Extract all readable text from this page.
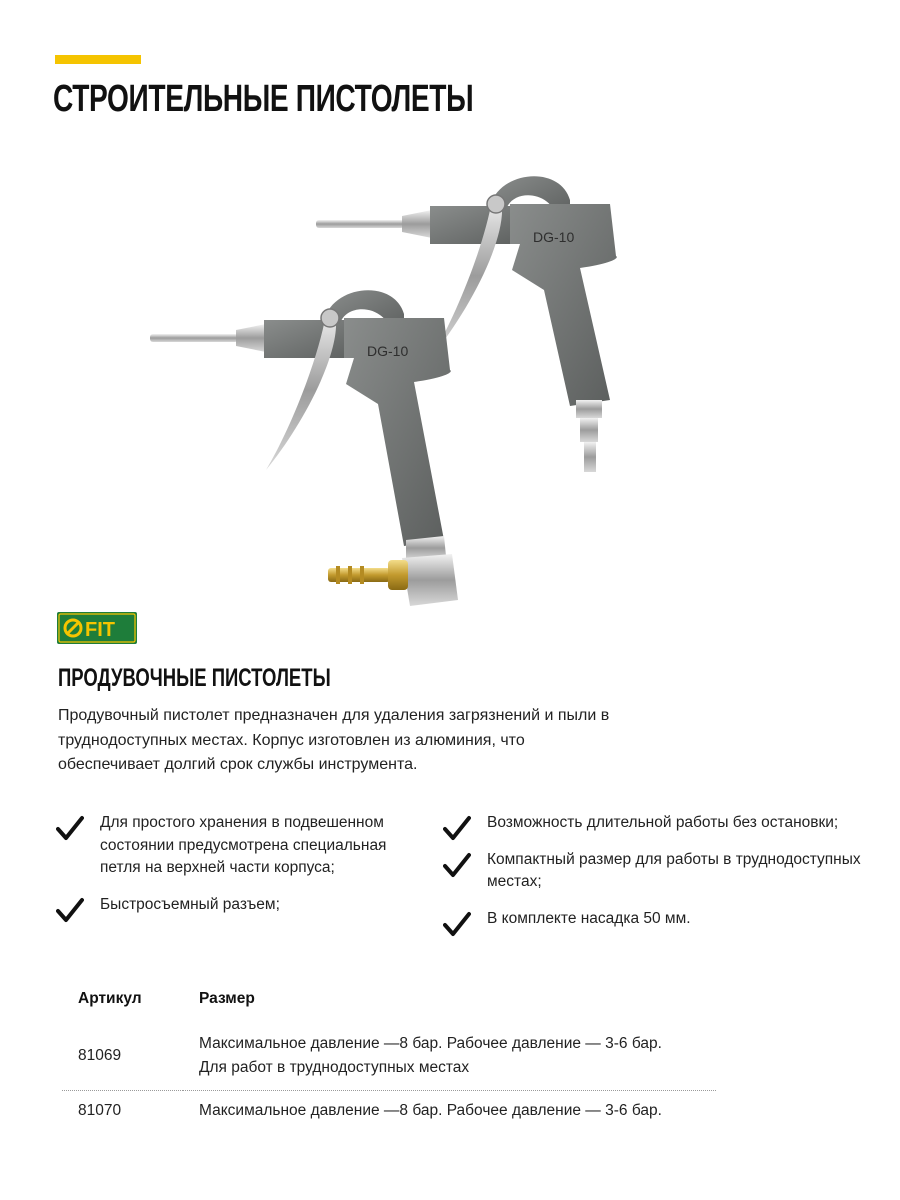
СТРОИТЕЛЬНЫЕ ПИСТОЛЕТЫ
DG-10
DG-10
FIT
ПРОДУВОЧНЫЕ ПИСТОЛЕТЫ

Продувочный пистолет предназначен для удаления загрязнений и пыли в труднодоступных местах. Корпус изготовлен из алюминия, что обеспечивает долгий срок службы инструмента.

Для простого хранения в подвешенном состоянии предусмотрена специальная петля на верхней части корпуса;
Быстросъемный разъем;
Возможность длительной работы без остановки;
Компактный размер для работы в труднодоступных местах;
В комплекте насадка 50 мм.
Артикул	Размер
81069	Максимальное давление —8 бар. Рабочее давление — 3-6 бар.
Для работ в труднодоступных местах

81070	Максимальное давление —8 бар. Рабочее давление — 3-6 бар.
